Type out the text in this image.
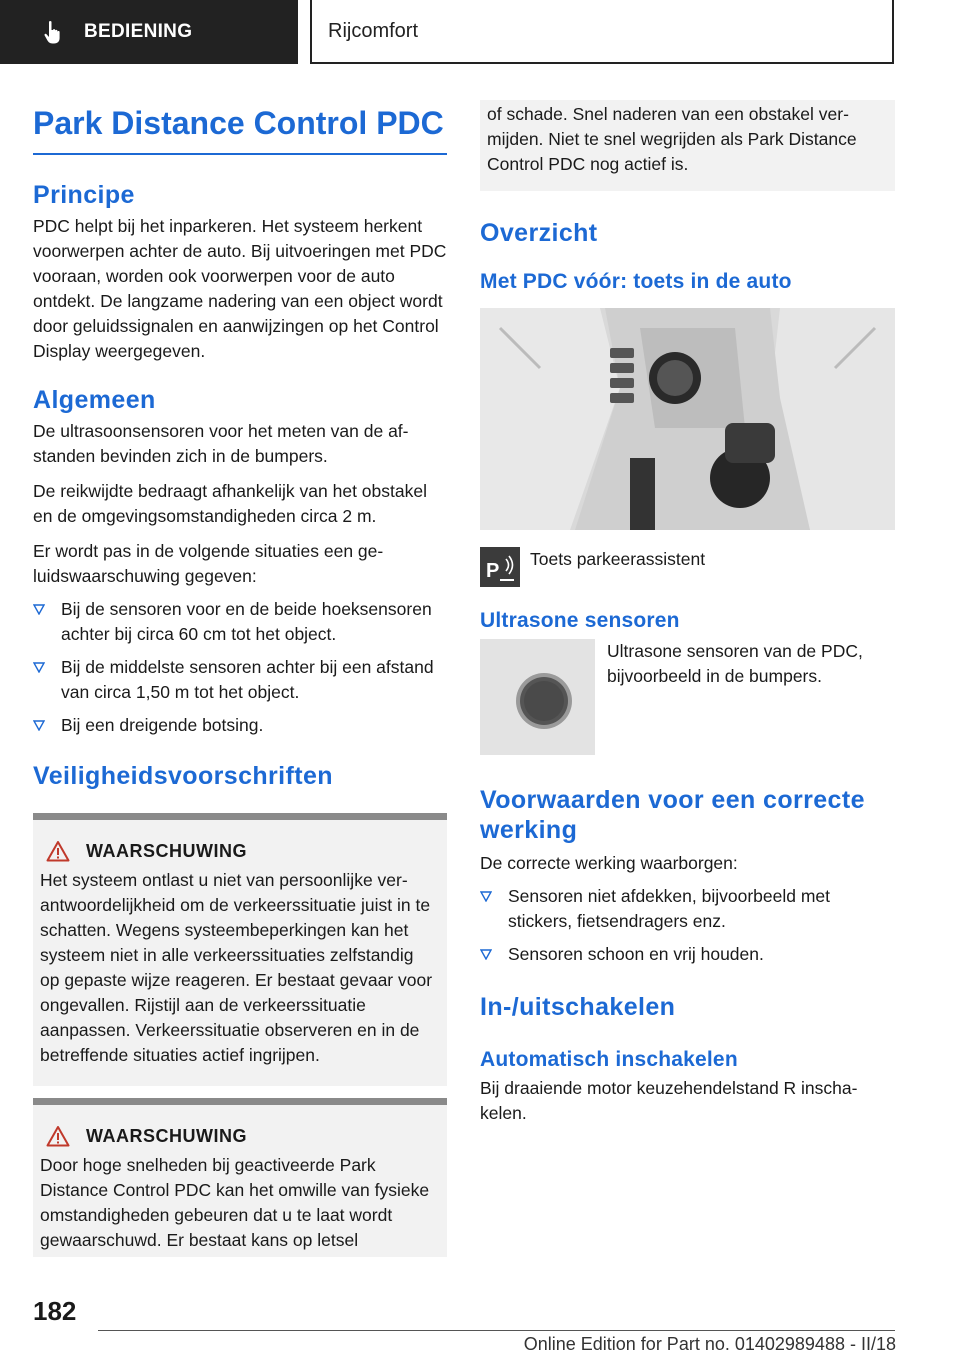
BEDIENING	Rijcomfort
Park Distance Control PDC
Principe

PDC helpt bij het inparkeren. Het systeem herkent voorwerpen achter de auto. Bij uitvoeringen met PDC vooraan, worden ook voorwerpen voor de auto ontdekt. De langzame nadering van een object wordt door geluidssignalen en aanwijzingen op het Control Display weergegeven.

Algemeen

De ultrasoonsensoren voor het meten van de afstanden bevinden zich in de bumpers.

De reikwijdte bedraagt afhankelijk van het obstakel en de omgevingsomstandigheden circa 2 m.

Er wordt pas in de volgende situaties een geluidswaarschuwing gegeven:

Bij de sensoren voor en de beide hoeksensoren achter bij circa 60 cm tot het object.
Bij de middelste sensoren achter bij een afstand van circa 1,50 m tot het object.
Bij een dreigende botsing.
Veiligheidsvoorschriften
WAARSCHUWING

Het systeem ontlast u niet van persoonlijke verantwoordelijkheid om de verkeerssituatie juist in te schatten. Wegens systeembeperkingen kan het systeem niet in alle verkeerssituaties zelfstandig op gepaste wijze reageren. Er bestaat gevaar voor ongevallen. Rijstijl aan de verkeerssituatie aanpassen. Verkeerssituatie observeren en in de betreffende situaties actief ingrijpen.

WAARSCHUWING

Door hoge snelheden bij geactiveerde Park Distance Control PDC kan het omwille van fysieke omstandigheden gebeuren dat u te laat wordt gewaarschuwd. Er bestaat kans op letsel

of schade. Snel naderen van een obstakel vermijden. Niet te snel wegrijden als Park Distance Control PDC nog actief is.

Overzicht
Met PDC vóór: toets in de auto
P

Toets parkeerassistent

Ultrasone sensoren

Ultrasone sensoren van de PDC, bijvoorbeeld in de bumpers.

Voorwaarden voor een correcte werking

De correcte werking waarborgen:

Sensoren niet afdekken, bijvoorbeeld met stickers, fietsendragers enz.
Sensoren schoon en vrij houden.
In-/uitschakelen
Automatisch inschakelen

Bij draaiende motor keuzehendelstand R inschakelen.

182
Online Edition for Part no. 01402989488 - II/18
